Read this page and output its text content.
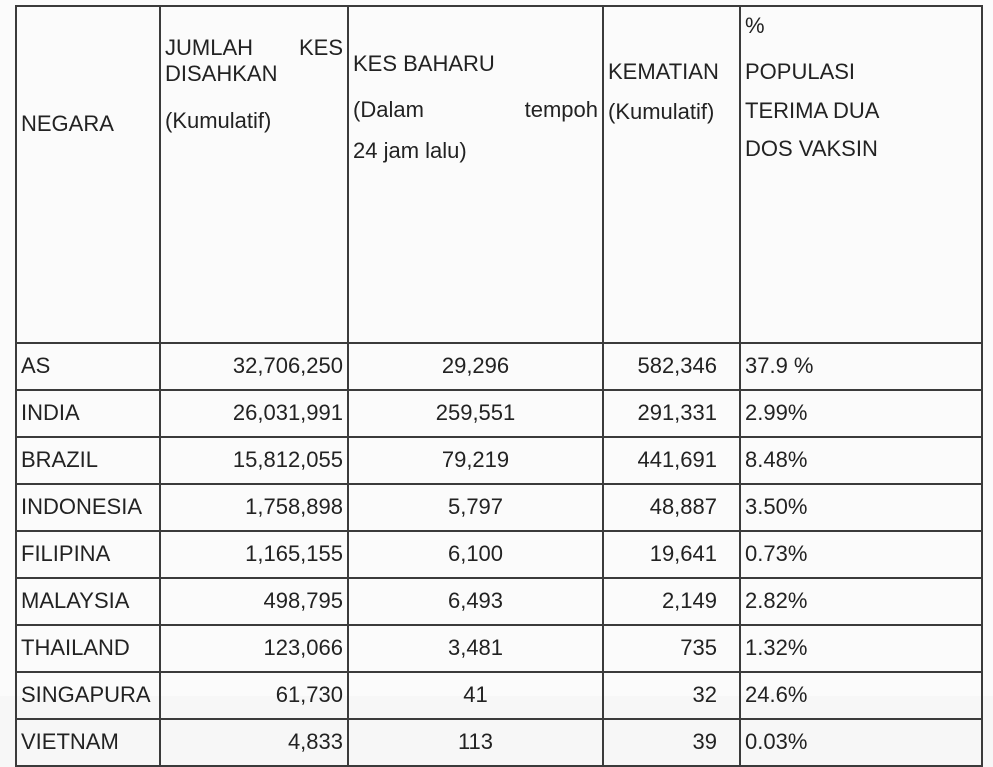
NEGARA	JUMLAH KES
DISAHKAN
(Kumulatif)	KES BAHARU
(Dalam tempoh
24 jam lalu)	KEMATIAN
(Kumulatif)	%
POPULASI
TERIMA DUA
DOS VAKSIN

AS	32,706,250	29,296	582,346	37.9 %
INDIA	26,031,991	259,551	291,331	2.99%
BRAZIL	15,812,055	79,219	441,691	8.48%
INDONESIA	1,758,898	5,797	48,887	3.50%
FILIPINA	1,165,155	6,100	19,641	0.73%
MALAYSIA	498,795	6,493	2,149	2.82%
THAILAND	123,066	3,481	735	1.32%
SINGAPURA	61,730	41	32	24.6%
VIETNAM	4,833	113	39	0.03%
